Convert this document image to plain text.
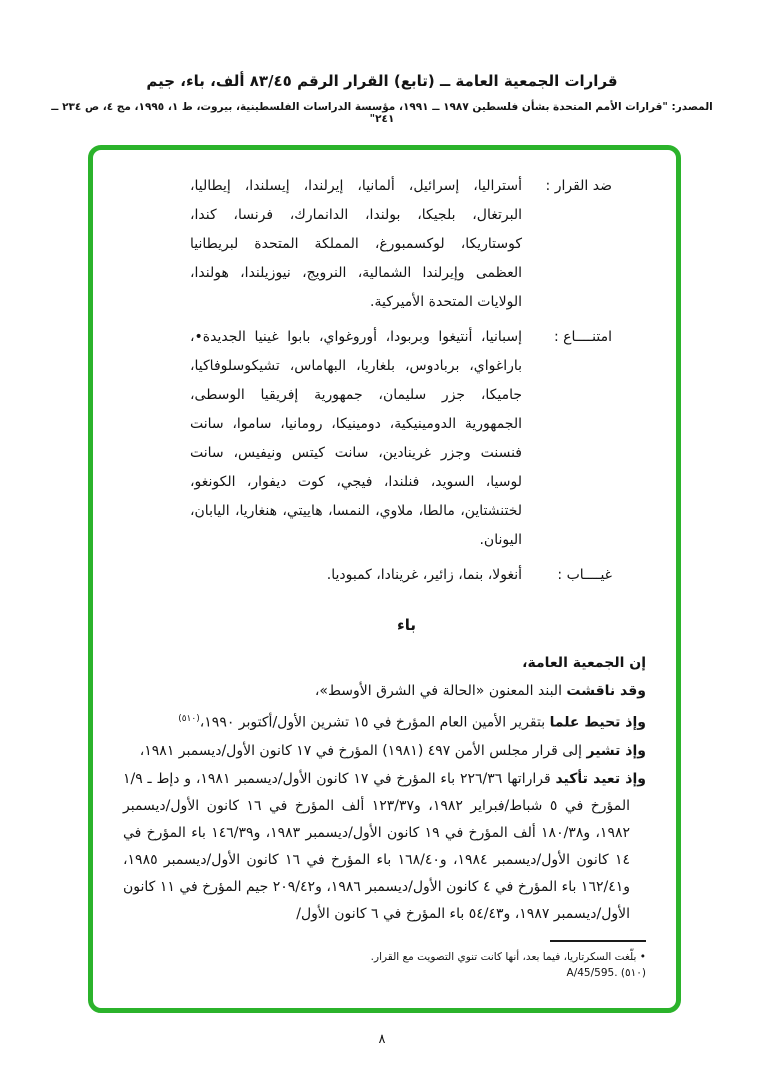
قرارات الجمعية العامة ــ (تابع) القرار الرقم ٨٣/٤٥ ألف، باء، جيم
المصدر: "قرارات الأمم المتحدة بشأن فلسطين ١٩٨٧ ــ ١٩٩١، مؤسسة الدراسات الفلسطينية، بيروت، ط ١، ١٩٩٥، مج ٤، ص ٢٣٤ ــ ٢٤١"
ضد القرار :
أستراليا، إسرائيل، ألمانيا، إيرلندا، إيسلندا، إيطاليا، البرتغال، بلجيكا، بولندا، الدانمارك، فرنسا، كندا، كوستاريكا، لوكسمبورغ، المملكة المتحدة لبريطانيا العظمى وإيرلندا الشمالية، النرويج، نيوزيلندا، هولندا، الولايات المتحدة الأميركية.
امتنــــاع :
إسبانيا، أنتيغوا وبربودا، أوروغواي، بابوا غينيا الجديدة•، باراغواي، بربادوس، بلغاريا، البهاماس، تشيكوسلوفاكيا، جاميكا، جزر سليمان، جمهورية إفريقيا الوسطى، الجمهورية الدومينيكية، دومينيكا، رومانيا، ساموا، سانت فنسنت وجزر غرينادين، سانت كيتس ونيفيس، سانت لوسيا، السويد، فنلندا، فيجي، كوت ديفوار، الكونغو، لختنشتاين، مالطا، ملاوي، النمسا، هاييتي، هنغاريا، اليابان، اليونان.
غيــــاب :
أنغولا، بنما، زائير، غرينادا، كمبوديا.
باء

إن الجمعية العامة،

وقد ناقشت البند المعنون «الحالة في الشرق الأوسط»،

وإذ تحيط علما بتقرير الأمين العام المؤرخ في ١٥ تشرين الأول/أكتوبر ١٩٩٠،$^{(٥١٠)}$

وإذ تشير إلى قرار مجلس الأمن ٤٩٧ (١٩٨١) المؤرخ في ١٧ كانون الأول/ديسمبر ١٩٨١،

وإذ تعيد تأكيد قراراتها ٢٢٦/٣٦ باء المؤرخ في ١٧ كانون الأول/ديسمبر ١٩٨١، و دإط ـ ١/٩ المؤرخ في ٥ شباط/فبراير ١٩٨٢، و١٢٣/٣٧ ألف المؤرخ في ١٦ كانون الأول/ديسمبر ١٩٨٢، و١٨٠/٣٨ ألف المؤرخ في ١٩ كانون الأول/ديسمبر ١٩٨٣، و١٤٦/٣٩ باء المؤرخ في ١٤ كانون الأول/ديسمبر ١٩٨٤، و١٦٨/٤٠ باء المؤرخ في ١٦ كانون الأول/ديسمبر ١٩٨٥، و١٦٢/٤١ باء المؤرخ في ٤ كانون الأول/ديسمبر ١٩٨٦، و٢٠٩/٤٢ جيم المؤرخ في ١١ كانون الأول/ديسمبر ١٩٨٧، و٥٤/٤٣ باء المؤرخ في ٦ كانون الأول/

• بلّغت السكرتاريا، فيما بعد، أنها كانت تنوي التصويت مع القرار.

(٥١٠) A/45/595.‎

٨
